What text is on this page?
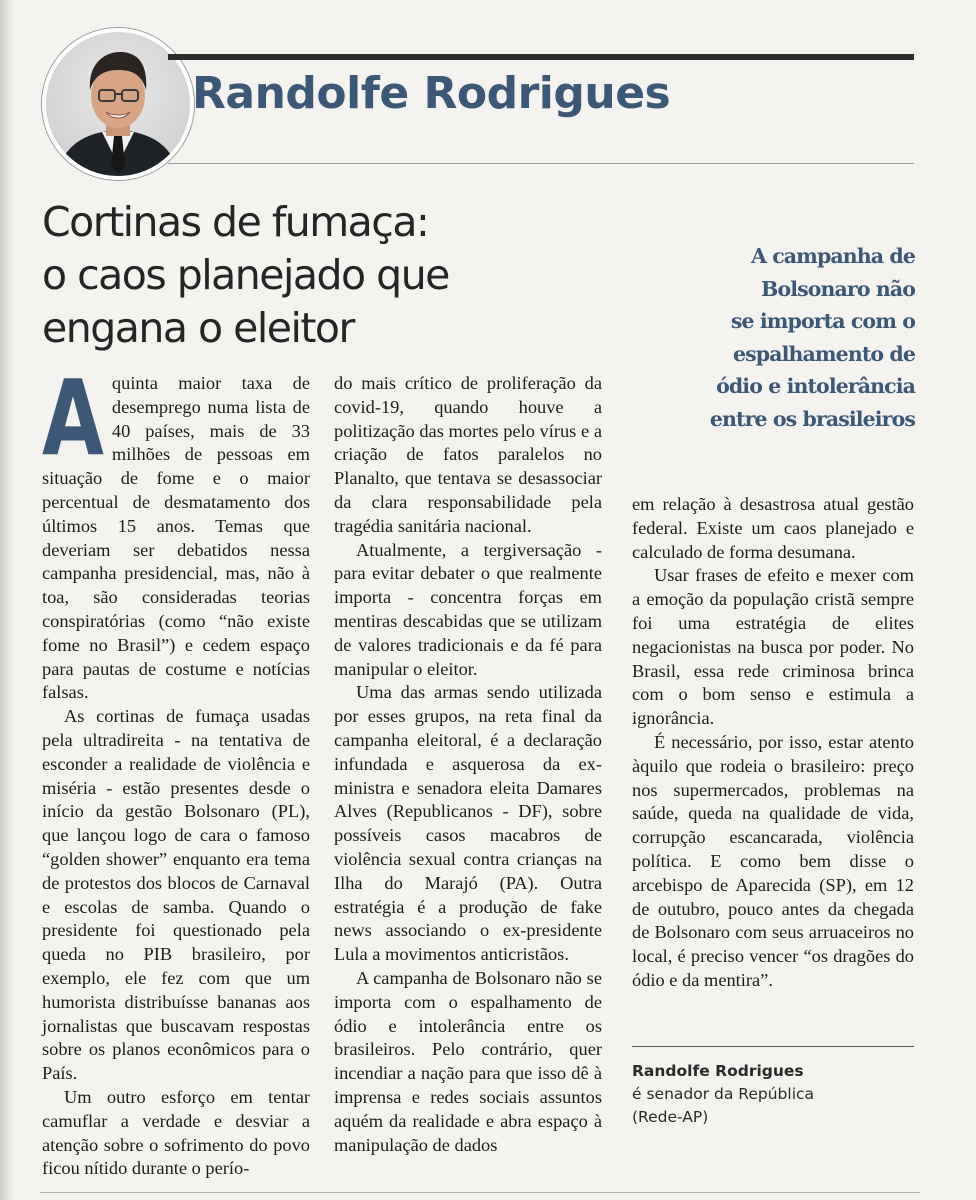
Randolfe Rodrigues
Cortinas de fumaça:
o caos planejado que
engana o eleitor
A campanha de
Bolsonaro não
se importa com o
espalhamento de
ódio e intolerância
entre os brasileiros
A quinta maior taxa de desemprego numa lista de 40 países, mais de 33 milhões de pessoas em situação de fome e o maior percentual de desmatamento dos últimos 15 anos. Temas que deveriam ser debatidos nessa campanha presidencial, mas, não à toa, são consideradas teorias conspiratórias (como “não existe fome no Brasil”) e cedem espaço para pautas de costume e notícias falsas.

As cortinas de fumaça usadas pela ultradireita - na tentativa de esconder a realidade de violência e miséria - estão presentes desde o início da gestão Bolsonaro (PL), que lançou logo de cara o famoso “golden shower” enquanto era tema de protestos dos blocos de Carnaval e escolas de samba. Quando o presidente foi questionado pela queda no PIB brasileiro, por exemplo, ele fez com que um humorista distribuísse bananas aos jornalistas que buscavam respostas sobre os planos econômicos para o País.

Um outro esforço em tentar camuflar a verdade e desviar a atenção sobre o sofrimento do povo ficou nítido durante o perío-

do mais crítico de proliferação da covid-19, quando houve a politização das mortes pelo vírus e a criação de fatos paralelos no Planalto, que tentava se desassociar da clara responsabilidade pela tragédia sanitária nacional.

Atualmente, a tergiversação - para evitar debater o que realmente importa - concentra forças em mentiras descabidas que se utilizam de valores tradicionais e da fé para manipular o eleitor.

Uma das armas sendo utilizada por esses grupos, na reta final da campanha eleitoral, é a declaração infundada e asquerosa da ex-ministra e senadora eleita Damares Alves (Republicanos - DF), sobre possíveis casos macabros de violência sexual contra crianças na Ilha do Marajó (PA). Outra estratégia é a produção de fake news associando o ex-presidente Lula a movimentos anticristãos.

A campanha de Bolsonaro não se importa com o espalhamento de ódio e intolerância entre os brasileiros. Pelo contrário, quer incendiar a nação para que isso dê à imprensa e redes sociais assuntos aquém da realidade e abra espaço à manipulação de dados

em relação à desastrosa atual gestão federal. Existe um caos planejado e calculado de forma desumana.

Usar frases de efeito e mexer com a emoção da população cristã sempre foi uma estratégia de elites negacionistas na busca por poder. No Brasil, essa rede criminosa brinca com o bom senso e estimula a ignorância.

É necessário, por isso, estar atento àquilo que rodeia o brasileiro: preço nos supermercados, problemas na saúde, queda na qualidade de vida, corrupção escancarada, violência política. E como bem disse o arcebispo de Aparecida (SP), em 12 de outubro, pouco antes da chegada de Bolsonaro com seus arruaceiros no local, é preciso vencer “os dragões do ódio e da mentira”.

Randolfe Rodrigues
é senador da República
(Rede-AP)
